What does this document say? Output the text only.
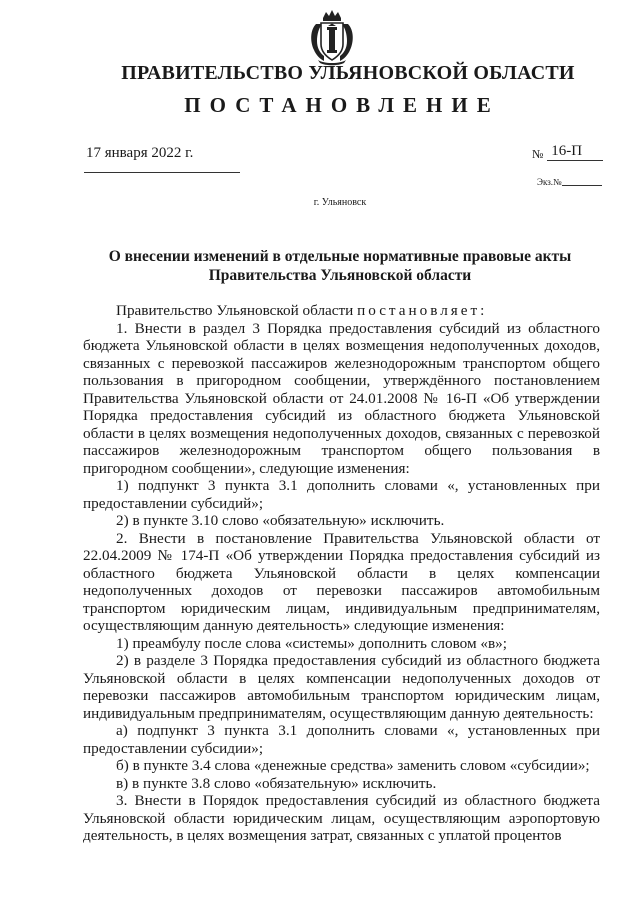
ПРАВИТЕЛЬСТВО УЛЬЯНОВСКОЙ ОБЛАСТИ
ПОСТАНОВЛЕНИЕ
17 января 2022 г.	$_№$ 16-П
Экз.№
г. Ульяновск
О внесении изменений в отдельные нормативные правовые акты
Правительства Ульяновской области

Правительство Ульяновской области постановляет:

1. Внести в раздел 3 Порядка предоставления субсидий из областного бюджета Ульяновской области в целях возмещения недополученных доходов, связанных с перевозкой пассажиров железнодорожным транспортом общего пользования в пригородном сообщении, утверждённого постановлением Правительства Ульяновской области от 24.01.2008 № 16-П «Об утверждении Порядка предоставления субсидий из областного бюджета Ульяновской области в целях возмещения недополученных доходов, связанных с перевозкой пассажиров железнодорожным транспортом общего пользования в пригородном сообщении», следующие изменения:

1) подпункт 3 пункта 3.1 дополнить словами «, установленных при предоставлении субсидий»;

2) в пункте 3.10 слово «обязательную» исключить.

2. Внести в постановление Правительства Ульяновской области от 22.04.2009 № 174-П «Об утверждении Порядка предоставления субсидий из областного бюджета Ульяновской области в целях компенсации недополученных доходов от перевозки пассажиров автомобильным транспортом юридическим лицам, индивидуальным предпринимателям, осуществляющим данную деятельность» следующие изменения:

1) преамбулу после слова «системы» дополнить словом «в»;

2) в разделе 3 Порядка предоставления субсидий из областного бюджета Ульяновской области в целях компенсации недополученных доходов от перевозки пассажиров автомобильным транспортом юридическим лицам, индивидуальным предпринимателям, осуществляющим данную деятельность:

а) подпункт 3 пункта 3.1 дополнить словами «, установленных при предоставлении субсидии»;

б) в пункте 3.4 слова «денежные средства» заменить словом «субсидии»;

в) в пункте 3.8 слово «обязательную» исключить.

3. Внести в Порядок предоставления субсидий из областного бюджета Ульяновской области юридическим лицам, осуществляющим аэропортовую деятельность, в целях возмещения затрат, связанных с уплатой процентов
